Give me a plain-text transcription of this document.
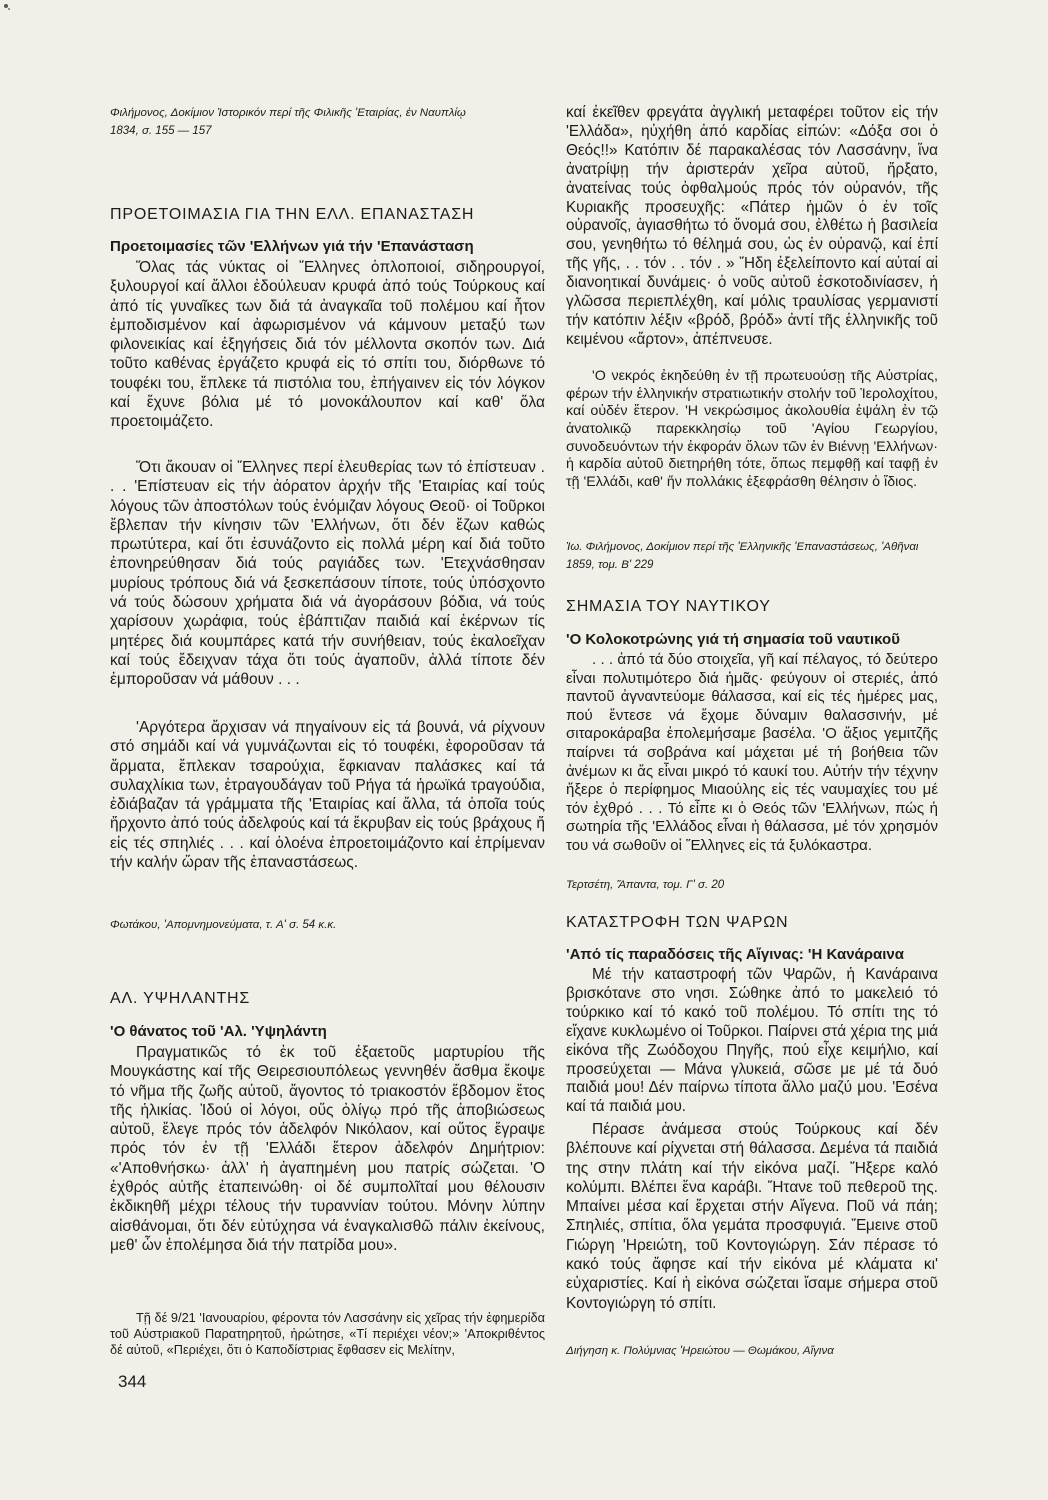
Φιλήμονος, Δοκίμιον Ἱστορικόν περί τῆς Φιλικῆς 'Εταιρίας, ἐν Ναυπλίῳ
1834, σ. 155 — 157

ΠΡΟΕΤΟΙΜΑΣΙΑ ΓΙΑ ΤΗΝ ΕΛΛ. ΕΠΑΝΑΣΤΑΣΗ

Προετοιμασίες τῶν 'Ελλήνων γιά τήν 'Επανάσταση

Ὅλας τάς νύκτας οἱ Ἕλληνες ὁπλοποιοί, σιδηρουργοί, ξυλουργοί καί ἄλλοι ἐδούλευαν κρυφά ἀπό τούς Τούρκους καί ἀπό τίς γυναῖκες των διά τά ἀναγκαῖα τοῦ πολέμου καί ἦτον ἐμποδισμένον καί ἀφωρισμένον νά κάμνουν μεταξύ των φιλονεικίας καί ἐξηγήσεις διά τόν μέλλοντα σκοπόν των. Διά τοῦτο καθένας ἐργάζετο κρυφά εἰς τό σπίτι του, διόρθωνε τό τουφέκι του, ἔπλεκε τά πιστόλια του, ἐπήγαινεν εἰς τόν λόγκον καί ἔχυνε βόλια μέ τό μονοκάλουπον καί καθ' ὅλα προετοιμάζετο.

Ὅτι ἄκουαν οἱ Ἕλληνες περί ἐλευθερίας των τό ἐπίστευαν . . . 'Επίστευαν εἰς τήν ἀόρατον ἀρχήν τῆς 'Εταιρίας καί τούς λόγους τῶν ἀποστόλων τούς ἐνόμιζαν λόγους Θεοῦ· οἱ Τοῦρκοι ἔβλεπαν τήν κίνησιν τῶν 'Ελλήνων, ὅτι δέν ἔζων καθώς πρωτύτερα, καί ὅτι ἐσυνάζοντο εἰς πολλά μέρη καί διά τοῦτο ἐπονηρεύθησαν διά τούς ραγιάδες των. 'Ετεχνάσθησαν μυρίους τρόπους διά νά ξεσκεπάσουν τίποτε, τούς ὑπόσχοντο νά τούς δώσουν χρήματα διά νά ἀγοράσουν βόδια, νά τούς χαρίσουν χωράφια, τούς ἐβάπτιζαν παιδιά καί ἐκέρνων τίς μητέρες διά κουμπάρες κατά τήν συνήθειαν, τούς ἐκαλοεῖχαν καί τούς ἔδειχναν τάχα ὅτι τούς ἀγαποῦν, ἀλλά τίποτε δέν ἐμποροῦσαν νά μάθουν . . .

'Αργότερα ἄρχισαν νά πηγαίνουν εἰς τά βουνά, νά ρίχνουν στό σημάδι καί νά γυμνάζωνται εἰς τό τουφέκι, ἐφοροῦσαν τά ἄρματα, ἔπλεκαν τσαρούχια, ἔφκιαναν παλάσκες καί τά συλαχλίκια των, ἐτραγουδάγαν τοῦ Ρήγα τά ἡρωϊκά τραγούδια, ἐδιάβαζαν τά γράμματα τῆς 'Εταιρίας καί ἄλλα, τά ὁποῖα τούς ἤρχοντο ἀπό τούς ἀδελφούς καί τά ἔκρυβαν εἰς τούς βράχους ἤ εἰς τές σπηλιές . . . καί ὁλοένα ἐπροετοιμάζοντο καί ἐπρίμεναν τήν καλήν ὥραν τῆς ἐπαναστάσεως.

Φωτάκου, 'Απομνημονεύματα, τ. Α' σ. 54 κ.κ.

ΑΛ. ΥΨΗΛΑΝΤΗΣ

'Ο θάνατος τοῦ 'Αλ. 'Υψηλάντη

Πραγματικῶς τό ἐκ τοῦ ἐξαετοῦς μαρτυρίου τῆς Μουγκάστης καί τῆς Θειρεσιουπόλεως γεννηθέν ἄσθμα ἔκοψε τό νῆμα τῆς ζωῆς αὐτοῦ, ἄγοντος τό τριακοστόν ἕβδομον ἔτος τῆς ἡλικίας. Ἰδού οἱ λόγοι, οὕς ὀλίγῳ πρό τῆς ἀποβιώσεως αὐτοῦ, ἔλεγε πρός τόν ἀδελφόν Νικόλαον, καί οὕτος ἔγραψε πρός τόν ἐν τῇ 'Ελλάδι ἕτερον ἀδελφόν Δημήτριον: «'Αποθνήσκω· ἀλλ' ἡ ἀγαπημένη μου πατρίς σώζεται. 'Ο ἐχθρός αὐτῆς ἐταπεινώθη· οἱ δέ συμπολῖταί μου θέλουσιν ἐκδικηθῆ μέχρι τέλους τήν τυραννίαν τούτου. Μόνην λύπην αἰσθάνομαι, ὅτι δέν εὐτύχησα νά ἐναγκαλισθῶ πάλιν ἐκείνους, μεθ' ὧν ἐπολέμησα διά τήν πατρίδα μου».

Τῇ δέ 9/21 'Ιανουαρίου, φέροντα τόν Λασσάνην εἰς χεῖρας τήν ἐφημερίδα τοῦ Αὐστριακοῦ Παρατηρητοῦ, ἠρώτησε, «Τί περιέχει νέον;» 'Αποκριθέντος δέ αὐτοῦ, «Περιέχει, ὅτι ὁ Καποδίστριας ἔφθασεν εἰς Μελίτην,

344

καί ἐκεῖθεν φρεγάτα ἀγγλική μεταφέρει τοῦτον εἰς τήν 'Ελλάδα», ηὐχήθη ἀπό καρδίας εἰπών: «Δόξα σοι ὁ Θεός!!» Κατόπιν δέ παρακαλέσας τόν Λασσάνην, ἵνα ἀνατρίψῃ τήν ἀριστεράν χεῖρα αὐτοῦ, ἤρξατο, ἀνατείνας τούς ὀφθαλμούς πρός τόν οὐρανόν, τῆς Κυριακῆς προσευχῆς: «Πάτερ ἡμῶν ὁ ἐν τοῖς οὐρανοῖς, ἁγιασθήτω τό ὄνομά σου, ἐλθέτω ἡ βασιλεία σου, γενηθήτω τό θέλημά σου, ὡς ἐν οὐρανῷ, καί ἐπί τῆς γῆς, . . τόν . . τόν . » Ἤδη ἐξελείποντο καί αὐταί αἱ διανοητικαί δυνάμεις· ὁ νοῦς αὐτοῦ ἐσκοτοδινίασεν, ἡ γλῶσσα περιεπλέχθη, καί μόλις τραυλίσας γερμανιστί τήν κατόπιν λέξιν «βρόδ, βρόδ» ἀντί τῆς ἑλληνικῆς τοῦ κειμένου «ἄρτον», ἀπέπνευσε.

'Ο νεκρός ἐκηδεύθη ἐν τῇ πρωτευούσῃ τῆς Αὐστρίας, φέρων τήν ἑλληνικήν στρατιωτικήν στολήν τοῦ Ἱερολοχίτου, καί οὐδέν ἕτερον. 'Η νεκρώσιμος ἀκολουθία ἐψάλη ἐν τῷ ἀνατολικῷ παρεκκλησίῳ τοῦ 'Αγίου Γεωργίου, συνοδευόντων τήν ἐκφοράν ὅλων τῶν ἐν Βιέννῃ 'Ελλήνων· ἡ καρδία αὐτοῦ διετηρήθη τότε, ὅπως πεμφθῇ καί ταφῇ ἐν τῇ 'Ελλάδι, καθ' ἥν πολλάκις ἐξεφράσθη θέλησιν ὁ ἴδιος.

Ἰω. Φιλήμονος, Δοκίμιον περί τῆς 'Ελληνικῆς 'Επαναστάσεως, 'Αθῆναι
1859, τομ. Β' 229

ΣΗΜΑΣΙΑ ΤΟΥ ΝΑΥΤΙΚΟΥ

'Ο Κολοκοτρώνης γιά τή σημασία τοῦ ναυτικοῦ

. . . ἀπό τά δύο στοιχεῖα, γῆ καί πέλαγος, τό δεύτερο εἶναι πολυτιμότερο διά ἡμᾶς· φεύγουν οἱ στεριές, ἀπό παντοῦ ἀγναντεύομε θάλασσα, καί εἰς τές ἡμέρες μας, πού ἔντεσε νά ἔχομε δύναμιν θαλασσινήν, μέ σιταροκάραβα ἐπολεμήσαμε βασέλα. 'Ο ἄξιος γεμιτζῆς παίρνει τά σοβράνα καί μάχεται μέ τή βοήθεια τῶν ἀνέμων κι ἄς εἶναι μικρό τό καυκί του. Αὐτήν τήν τέχνην ἤξερε ὁ περίφημος Μιαούλης εἰς τές ναυμαχίες του μέ τόν ἐχθρό . . . Τό εἶπε κι ὁ Θεός τῶν 'Ελλήνων, πώς ἡ σωτηρία τῆς 'Ελλάδος εἶναι ἡ θάλασσα, μέ τόν χρησμόν του νά σωθοῦν οἱ Ἕλληνες εἰς τά ξυλόκαστρα.

Τερτσέτη, Ἅπαντα, τομ. Γ' σ. 20

ΚΑΤΑΣΤΡΟΦΗ ΤΩΝ ΨΑΡΩΝ

'Από τίς παραδόσεις τῆς Αἴγινας: 'Η Κανάραινα

Μέ τήν καταστροφή τῶν Ψαρῶν, ἡ Κανάραινα βρισκότανε στο νησι. Σώθηκε ἀπό το μακελειό τό τούρκικο καί τό κακό τοῦ πολέμου. Τό σπίτι της τό εἴχανε κυκλωμένο οἱ Τοῦρκοι. Παίρνει στά χέρια της μιά εἰκόνα τῆς Ζωόδοχου Πηγῆς, πού εἶχε κειμήλιο, καί προσεύχεται — Μάνα γλυκειά, σῶσε με μέ τά δυό παιδιά μου! Δέν παίρνω τίποτα ἄλλο μαζύ μου. 'Εσένα καί τά παιδιά μου.

Πέρασε ἀνάμεσα στούς Τούρκους καί δέν βλέπουνε καί ρίχνεται στή θάλασσα. Δεμένα τά παιδιά της στην πλάτη καί τήν εἰκόνα μαζί. Ἤξερε καλό κολύμπι. Βλέπει ἕνα καράβι. Ἤτανε τοῦ πεθεροῦ της. Μπαίνει μέσα καί ἔρχεται στήν Αἴγενα. Ποῦ νά πάη; Σπηλιές, σπίτια, ὅλα γεμάτα προσφυγιά. Ἔμεινε στοῦ Γιώργη 'Ηρειώτη, τοῦ Κοντογιώργη. Σάν πέρασε τό κακό τούς ἄφησε καί τήν εἰκόνα μέ κλάματα κι' εὐχαριστίες. Καί ἡ εἰκόνα σώζεται ἴσαμε σήμερα στοῦ Κοντογιώργη τό σπίτι.

Διήγηση κ. Πολύμνιας 'Ηρειώτου — Θωμάκου, Αἴγινα
